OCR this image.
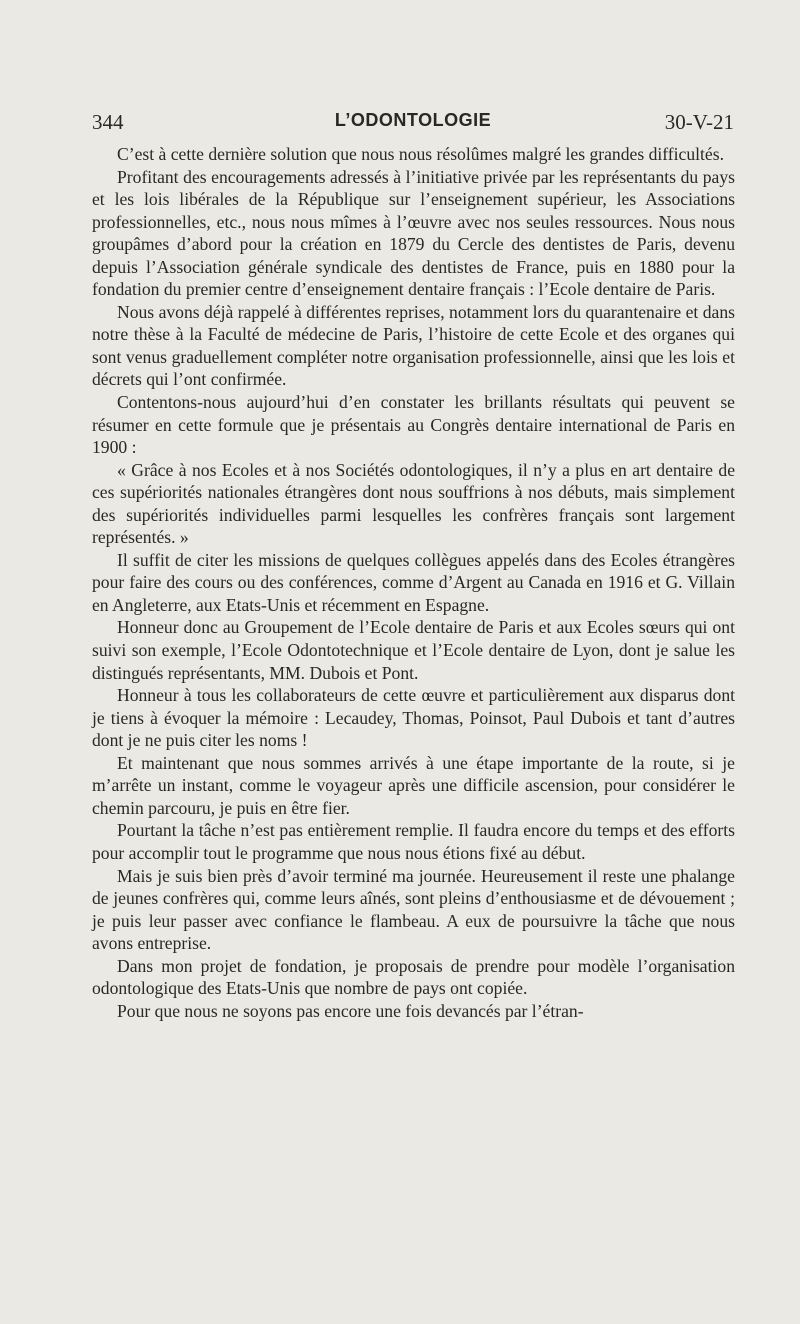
344	L’ODONTOLOGIE	30-V-21

C’est à cette dernière solution que nous nous résolûmes malgré les grandes difficultés.

Profitant des encouragements adressés à l’initiative privée par les représentants du pays et les lois libérales de la République sur l’enseignement supérieur, les Associations professionnelles, etc., nous nous mîmes à l’œuvre avec nos seules ressources. Nous nous groupâmes d’abord pour la création en 1879 du Cercle des dentistes de Paris, devenu depuis l’Association générale syndicale des dentistes de France, puis en 1880 pour la fondation du premier centre d’enseignement dentaire français : l’Ecole dentaire de Paris.

Nous avons déjà rappelé à différentes reprises, notamment lors du quarantenaire et dans notre thèse à la Faculté de médecine de Paris, l’histoire de cette Ecole et des organes qui sont venus graduellement compléter notre organisation professionnelle, ainsi que les lois et décrets qui l’ont confirmée.

Contentons-nous aujourd’hui d’en constater les brillants résultats qui peuvent se résumer en cette formule que je présentais au Congrès dentaire international de Paris en 1900 :

« Grâce à nos Ecoles et à nos Sociétés odontologiques, il n’y a plus en art dentaire de ces supériorités nationales étrangères dont nous souffrions à nos débuts, mais simplement des supériorités individuelles parmi lesquelles les confrères français sont largement représentés. »

Il suffit de citer les missions de quelques collègues appelés dans des Ecoles étrangères pour faire des cours ou des conférences, comme d’Argent au Canada en 1916 et G. Villain en Angleterre, aux Etats-Unis et récemment en Espagne.

Honneur donc au Groupement de l’Ecole dentaire de Paris et aux Ecoles sœurs qui ont suivi son exemple, l’Ecole Odontotechnique et l’Ecole dentaire de Lyon, dont je salue les distingués représentants, MM. Dubois et Pont.

Honneur à tous les collaborateurs de cette œuvre et particulièrement aux disparus dont je tiens à évoquer la mémoire : Lecaudey, Thomas, Poinsot, Paul Dubois et tant d’autres dont je ne puis citer les noms !

Et maintenant que nous sommes arrivés à une étape importante de la route, si je m’arrête un instant, comme le voyageur après une difficile ascension, pour considérer le chemin parcouru, je puis en être fier.

Pourtant la tâche n’est pas entièrement remplie. Il faudra encore du temps et des efforts pour accomplir tout le programme que nous nous étions fixé au début.

Mais je suis bien près d’avoir terminé ma journée. Heureusement il reste une phalange de jeunes confrères qui, comme leurs aînés, sont pleins d’enthousiasme et de dévouement ; je puis leur passer avec confiance le flambeau. A eux de poursuivre la tâche que nous avons entreprise.

Dans mon projet de fondation, je proposais de prendre pour modèle l’organisation odontologique des Etats-Unis que nombre de pays ont copiée.

Pour que nous ne soyons pas encore une fois devancés par l’étran-
